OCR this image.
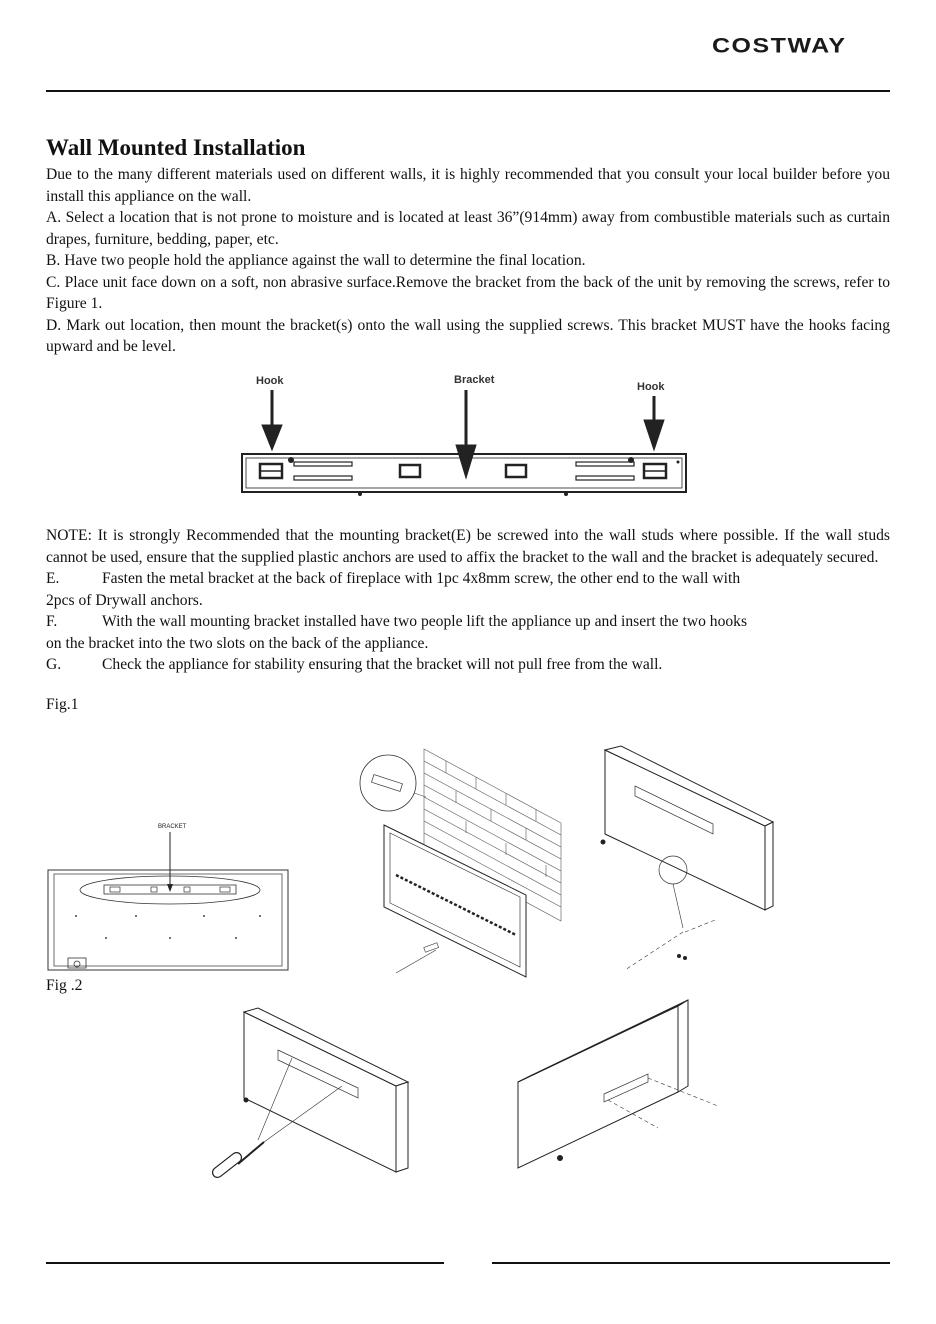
COSTWAY
Wall Mounted Installation

Due to the many different materials used on different walls, it is highly recommended that you consult your local builder before you install this appliance on the wall.

A. Select a location that is not prone to moisture and is located at least 36”(914mm) away from combustible materials such as curtain drapes, furniture, bedding, paper, etc.

B. Have two people hold the appliance against the wall to determine the final location.

C. Place unit face down on a soft, non abrasive surface.Remove the bracket from the back of the unit by removing the screws, refer to Figure 1.

D. Mark out location, then mount the bracket(s) onto the wall using the supplied screws. This bracket MUST have the hooks facing upward and be level.

Hook	Bracket
Hook

NOTE: It is strongly Recommended that the mounting bracket(E) be screwed into the wall studs where possible. If the wall studs cannot be used, ensure that the supplied plastic anchors are used to affix the bracket to the wall and the bracket is adequately secured.

E.	Fasten the metal bracket at the back of fireplace with 1pc 4x8mm screw, the other end to the wall with
2pcs of Drywall anchors.
F.	With the wall mounting bracket installed have two people lift the appliance up and insert the two hooks
on the bracket into the two slots on the back of the appliance.
G.	Check the appliance for stability ensuring that the bracket will not pull free from the wall.
Fig.1
BRACKET
Fig .2
